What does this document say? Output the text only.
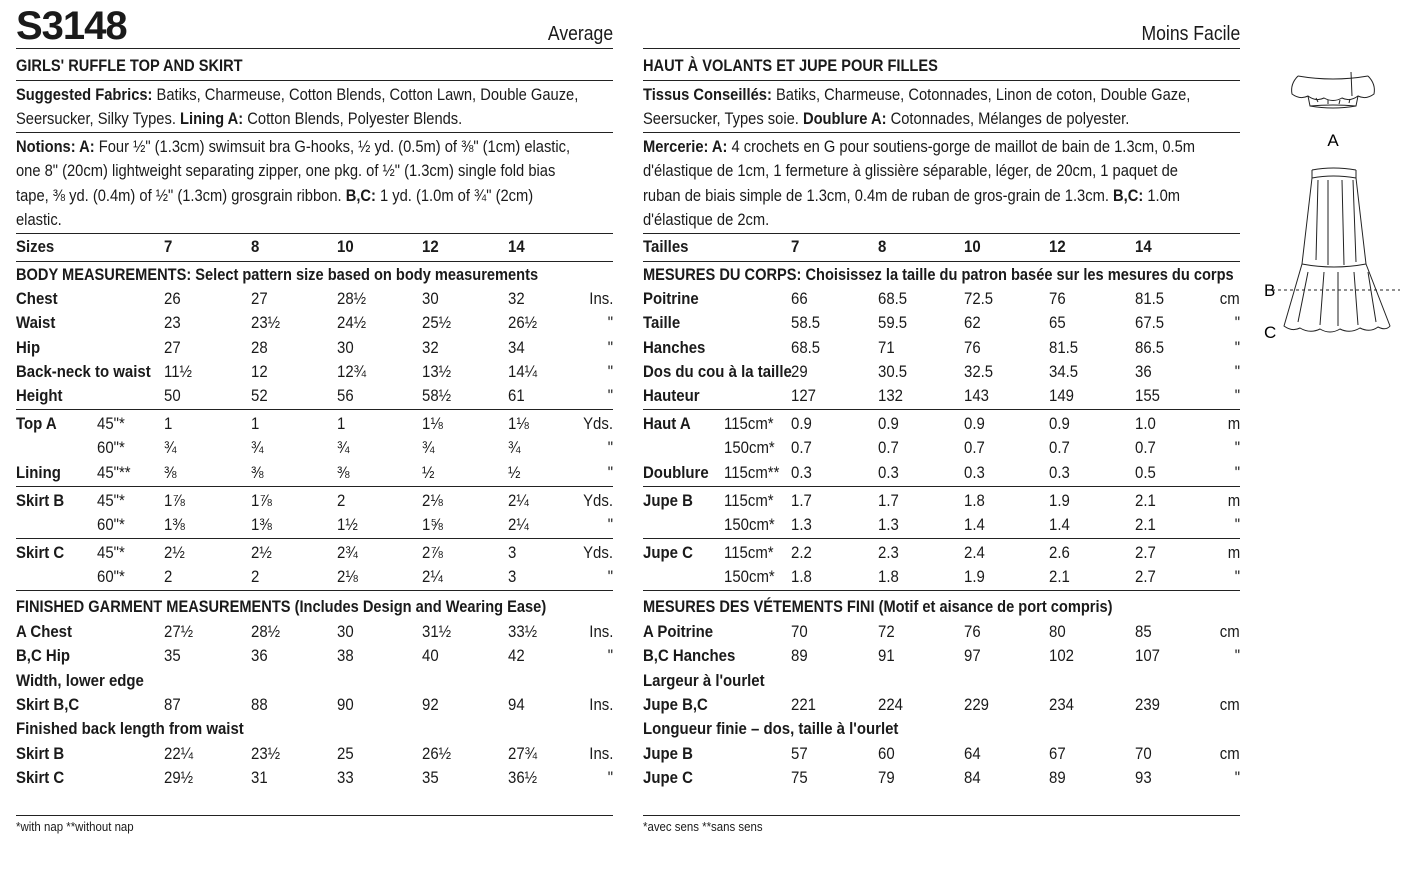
S3148	Average
GIRLS' RUFFLE TOP AND SKIRT
Suggested Fabrics: Batiks, Charmeuse, Cotton Blends, Cotton Lawn, Double Gauze,
Seersucker, Silky Types. Lining A: Cotton Blends, Polyester Blends.
Notions: A: Four ½" (1.3cm) swimsuit bra G-hooks, ½ yd. (0.5m) of ⅜" (1cm) elastic,
one 8" (20cm) lightweight separating zipper, one pkg. of ½" (1.3cm) single fold bias
tape, ⅜ yd. (0.4m) of ½" (1.3cm) grosgrain ribbon. B,C: 1 yd. (1.0m of ¾" (2cm)
elastic.
Sizes	7	8	10	12	14
BODY MEASUREMENTS: Select pattern size based on body measurements
Chest	26	27	28½	30	32	Ins.
Waist	23	23½	24½	25½	26½	"
Hip	27	28	30	32	34	"
Back-neck to waist 11½	12	12¾	13½	14¼	"
Height	50	52	56	58½	61	"
Top A 45"* 1	1	1	1⅛	1⅛	Yds.
60"* ¾	¾	¾	¾	¾	"
Lining 45"** ⅜	⅜	⅜	½	½	"
Skirt B 45"* 1⅞	1⅞	2	2⅛	2¼	Yds.
60"* 1⅜	1⅜	1½	1⅝	2¼	"
Skirt C 45"* 2½	2½	2¾	2⅞	3	Yds.
60"* 2	2	2⅛	2¼	3	"
FINISHED GARMENT MEASUREMENTS (Includes Design and Wearing Ease)
A Chest	27½	28½	30	31½	33½	Ins.
B,C Hip	35	36	38	40	42	"
Width, lower edge
Skirt B,C	87	88	90	92	94	Ins.
Finished back length from waist
Skirt B	22¼	23½	25	26½	27¾	Ins.
Skirt C	29½	31	33	35	36½	"
*with nap **without nap
Moins Facile
HAUT À VOLANTS ET JUPE POUR FILLES
Tissus Conseillés: Batiks, Charmeuse, Cotonnades, Linon de coton, Double Gaze,
Seersucker, Types soie. Doublure A: Cotonnades, Mélanges de polyester.
Mercerie: A: 4 crochets en G pour soutiens-gorge de maillot de bain de 1.3cm, 0.5m
d'élastique de 1cm, 1 fermeture à glissière séparable, léger, de 20cm, 1 paquet de
ruban de biais simple de 1.3cm, 0.4m de ruban de gros-grain de 1.3cm. B,C: 1.0m
d'élastique de 2cm.
Tailles	7	8	10	12	14
MESURES DU CORPS: Choisissez la taille du patron basée sur les mesures du corps
Poitrine	66	68.5	72.5	76	81.5	cm
Taille	58.5	59.5	62	65	67.5	"
Hanches	68.5	71	76	81.5	86.5	"
Dos du cou à la taille 29	30.5	32.5	34.5	36	"
Hauteur	127	132	143	149	155	"
Haut A 115cm* 0.9	0.9	0.9	0.9	1.0	m
150cm* 0.7	0.7	0.7	0.7	0.7	"
Doublure 115cm** 0.3	0.3	0.3	0.3	0.5	"
Jupe B 115cm* 1.7	1.7	1.8	1.9	2.1	m
150cm* 1.3	1.3	1.4	1.4	2.1	"
Jupe C 115cm* 2.2	2.3	2.4	2.6	2.7	m
150cm* 1.8	1.8	1.9	2.1	2.7	"
MESURES DES VÉTEMENTS FINI (Motif et aisance de port compris)
A Poitrine	70	72	76	80	85	cm
B,C Hanches	89	91	97	102	107	"
Largeur à l'ourlet
Jupe B,C	221	224	229	234	239	cm
Longueur finie – dos, taille à l'ourlet
Jupe B	57	60	64	67	70	cm
Jupe C	75	79	84	89	93	"
*avec sens **sans sens
A
B
C
